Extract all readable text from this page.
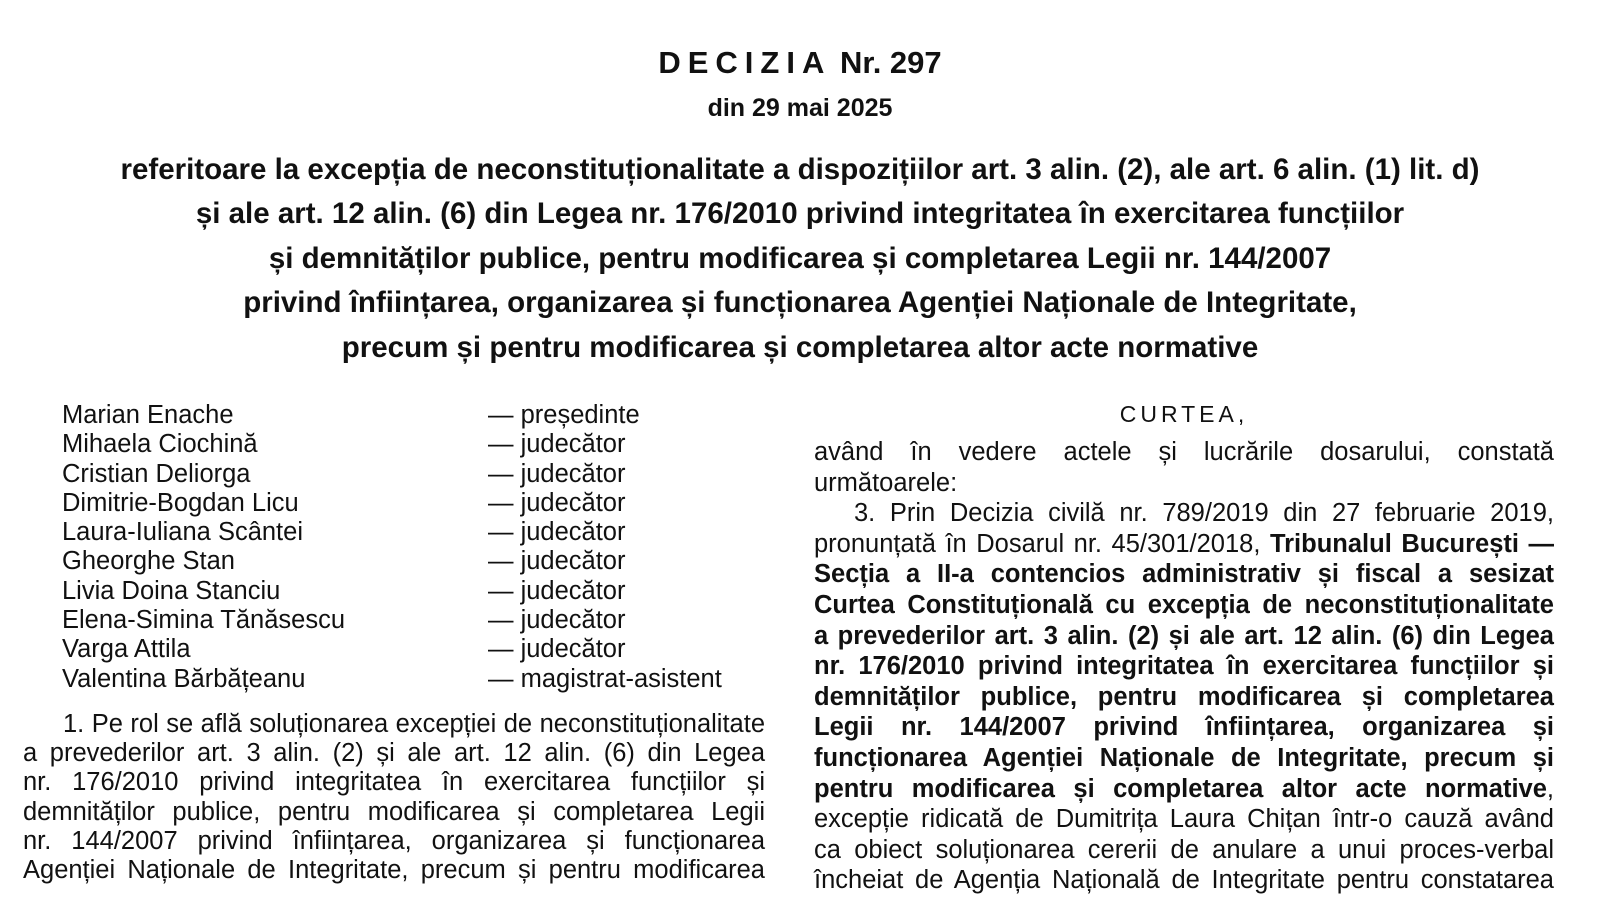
DECIZIA Nr. 297
din 29 mai 2025
referitoare la excepția de neconstituționalitate a dispozițiilor art. 3 alin. (2), ale art. 6 alin. (1) lit. d)
și ale art. 12 alin. (6) din Legea nr. 176/2010 privind integritatea în exercitarea funcțiilor
și demnităților publice, pentru modificarea și completarea Legii nr. 144/2007
privind înființarea, organizarea și funcționarea Agenției Naționale de Integritate,
precum și pentru modificarea și completarea altor acte normative
Marian Enache	— președinte
Mihaela Ciochină	— judecător
Cristian Deliorga	— judecător
Dimitrie-Bogdan Licu	— judecător
Laura-Iuliana Scântei	— judecător
Gheorghe Stan	— judecător
Livia Doina Stanciu	— judecător
Elena-Simina Tănăsescu	— judecător
Varga Attila	— judecător
Valentina Bărbățeanu	— magistrat-asistent
1. Pe rol se află soluționarea excepției de neconstituționalitate
a prevederilor art. 3 alin. (2) și ale art. 12 alin. (6) din Legea
nr. 176/2010 privind integritatea în exercitarea funcțiilor și
demnităților publice, pentru modificarea și completarea Legii
nr. 144/2007 privind înființarea, organizarea și funcționarea
Agenției Naționale de Integritate, precum și pentru modificarea
CURTEA,
având în vedere actele și lucrările dosarului, constată
următoarele:
3. Prin Decizia civilă nr. 789/2019 din 27 februarie 2019,
pronunțată în Dosarul nr. 45/301/2018, Tribunalul București —
Secția a II-a contencios administrativ și fiscal a sesizat
Curtea Constituțională cu excepția de neconstituționalitate
a prevederilor art. 3 alin. (2) și ale art. 12 alin. (6) din Legea
nr. 176/2010 privind integritatea în exercitarea funcțiilor și
demnităților publice, pentru modificarea și completarea
Legii nr. 144/2007 privind înființarea, organizarea și
funcționarea Agenției Naționale de Integritate, precum și
pentru modificarea și completarea altor acte normative,
excepție ridicată de Dumitrița Laura Chițan într-o cauză având
ca obiect soluționarea cererii de anulare a unui proces-verbal
încheiat de Agenția Națională de Integritate pentru constatarea
